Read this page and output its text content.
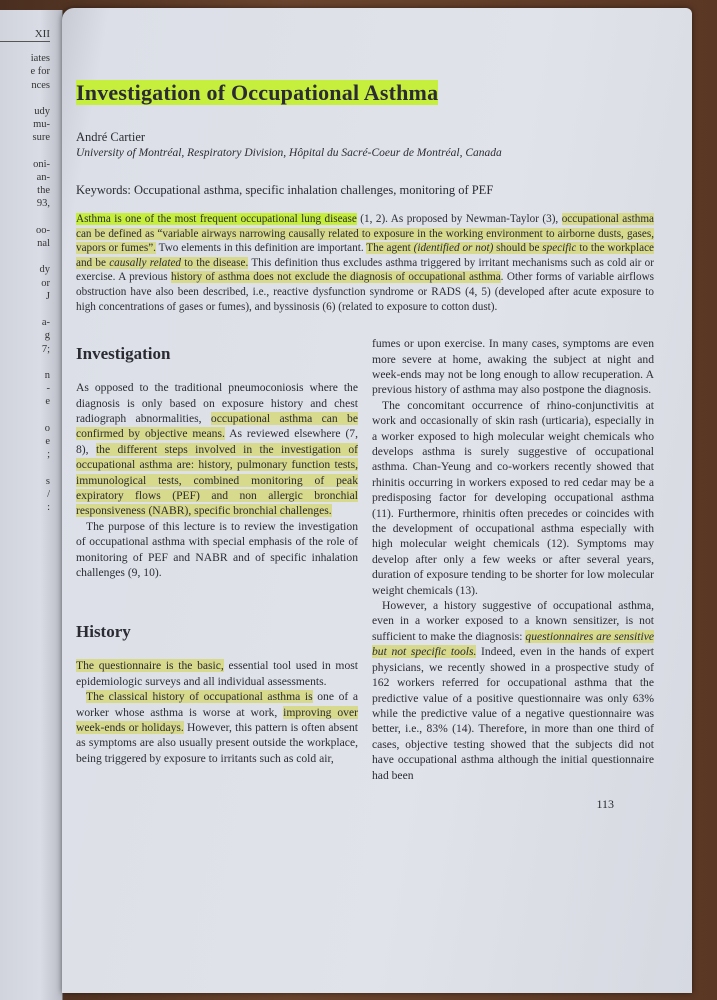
XII
iates
e for
nces
udy
mu-
sure
oni-
an-
the
93,
oo-
nal
dy
or
J
a-
g
7;
n
-
e
o
e
;
s
/
:
Investigation of Occupational Asthma

André Cartier

University of Montréal, Respiratory Division, Hôpital du Sacré-Coeur de Montréal, Canada

Keywords: Occupational asthma, specific inhalation challenges, monitoring of PEF

Asthma is one of the most frequent occupational lung disease (1, 2). As proposed by Newman-Taylor (3), occupational asthma can be defined as “variable airways narrowing causally related to exposure in the working environment to airborne dusts, gases, vapors or fumes”. Two elements in this definition are important. The agent (identified or not) should be specific to the workplace and be causally related to the disease. This definition thus excludes asthma triggered by irritant mechanisms such as cold air or exercise. A previous history of asthma does not exclude the diagnosis of occupational asthma. Other forms of variable airflows obstruction have also been described, i.e., reactive dysfunction syndrome or RADS (4, 5) (developed after acute exposure to high concentrations of gases or fumes), and byssinosis (6) (related to exposure to cotton dust).

Investigation

As opposed to the traditional pneumoconiosis where the diagnosis is only based on exposure history and chest radiograph abnormalities, occupational asthma can be confirmed by objective means. As reviewed elsewhere (7, 8), the different steps involved in the investigation of occupational asthma are: history, pulmonary function tests, immunological tests, combined monitoring of peak expiratory flows (PEF) and non allergic bronchial responsiveness (NABR), specific bronchial challenges.

The purpose of this lecture is to review the investigation of occupational asthma with special emphasis of the role of monitoring of PEF and NABR and of specific inhalation challenges (9, 10).

History

The questionnaire is the basic, essential tool used in most epidemiologic surveys and all individual assessments.

The classical history of occupational asthma is one of a worker whose asthma is worse at work, improving over week-ends or holidays. However, this pattern is often absent as symptoms are also usually present outside the workplace, being triggered by exposure to irritants such as cold air,

fumes or upon exercise. In many cases, symptoms are even more severe at home, awaking the subject at night and week-ends may not be long enough to allow recuperation. A previous history of asthma may also postpone the diagnosis.

The concomitant occurrence of rhino-conjunctivitis at work and occasionally of skin rash (urticaria), especially in a worker exposed to high molecular weight chemicals who develops asthma is surely suggestive of occupational asthma. Chan-Yeung and co-workers recently showed that rhinitis occurring in workers exposed to red cedar may be a predisposing factor for developing occupational asthma (11). Furthermore, rhinitis often precedes or coincides with the development of occupational asthma especially with high molecular weight chemicals (12). Symptoms may develop after only a few weeks or after several years, duration of exposure tending to be shorter for low molecular weight chemicals (13).

However, a history suggestive of occupational asthma, even in a worker exposed to a known sensitizer, is not sufficient to make the diagnosis: questionnaires are sensitive but not specific tools. Indeed, even in the hands of expert physicians, we recently showed in a prospective study of 162 workers referred for occupational asthma that the predictive value of a positive questionnaire was only 63% while the predictive value of a negative questionnaire was better, i.e., 83% (14). Therefore, in more than one third of cases, objective testing showed that the subjects did not have occupational asthma although the initial questionnaire had been

113
